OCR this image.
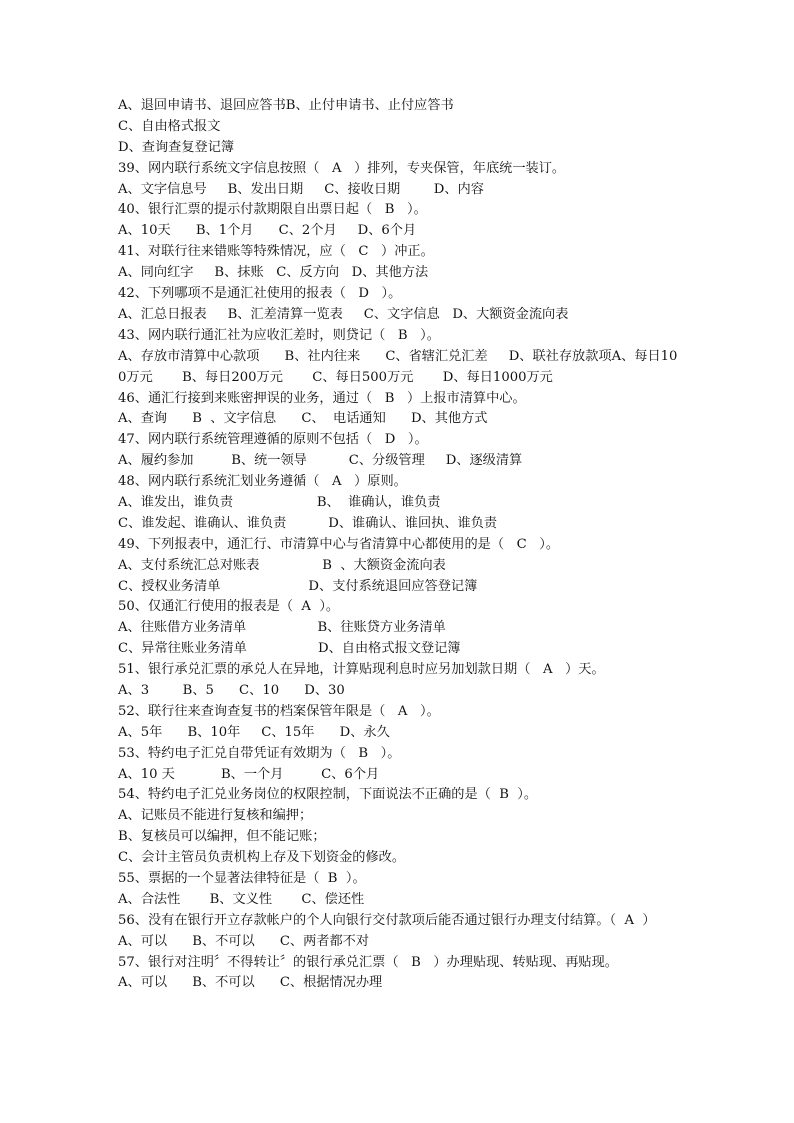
A、退回申请书、退回应答书B、止付申请书、止付应答书
C、自由格式报文
D、查询查复登记簿
39、网内联行系统文字信息按照（   A   ）排列，专夹保管，年底统一装订。
A、文字信息号     B、发出日期     C、接收日期        D、内容
40、银行汇票的提示付款期限自出票日起（   B   ）。
A、10天      B、1个月      C、2个月     D、6个月
41、对联行往来错账等特殊情况，应（   C   ）冲正。
A、同向红字     B、抹账   C、反方向   D、其他方法
42、下列哪项不是通汇社使用的报表（   D   ）。
A、汇总日报表     B、汇差清算一览表     C、文字信息   D、大额资金流向表
43、网内联行通汇社为应收汇差时，则贷记（   B   ）。
A、存放市清算中心款项      B、社内往来      C、省辖汇兑汇差     D、联社存放款项A、每日100万元       B、每日200万元       C、每日500万元       D、每日1000万元
46、通汇行接到来账密押误的业务，通过（   B   ）上报市清算中心。
A、查询      B  、文字信息      C、  电话通知      D、其他方式
47、网内联行系统管理遵循的原则不包括（   D   ）。
A、履约参加         B、统一领导          C、分级管理     D、逐级清算
48、网内联行系统汇划业务遵循（   A   ）原则。
A、谁发出，谁负责                    B、  谁确认，谁负责
C、谁发起、谁确认、谁负责          D、谁确认、谁回执、谁负责
49、下列报表中，通汇行、市清算中心与省清算中心都使用的是（   C   ）。
A、支付系统汇总对账表               B  、大额资金流向表
C、授权业务清单                     D、支付系统退回应答登记簿
50、仅通汇行使用的报表是（  A  ）。
A、往账借方业务清单                 B、往账贷方业务清单
C、异常往账业务清单                 D、自由格式报文登记簿
51、银行承兑汇票的承兑人在异地，计算贴现利息时应另加划款日期（   A   ）天。
A、3        B、5      C、10      D、30
52、联行往来查询查复书的档案保管年限是（   A   ）。
A、5年      B、10年     C、15年      D、永久
53、特约电子汇兑自带凭证有效期为（   B   ）。
A、10 天           B、一个月         C、6个月
54、特约电子汇兑业务岗位的权限控制，下面说法不正确的是（  B  ）。
A、记账员不能进行复核和编押；
B、复核员可以编押，但不能记账；
C、会计主管员负责机构上存及下划资金的修改。
55、票据的一个显著法律特征是（  B  ）。
A、合法性       B、文义性       C、偿还性
56、没有在银行开立存款帐户的个人向银行交付款项后能否通过银行办理支付结算。（  A  ）
A、可以      B、不可以      C、两者都不对
57、银行对注明〞不得转让〞的银行承兑汇票（   B   ）办理贴现、转贴现、再贴现。
A、可以      B、不可以      C、根据情况办理
